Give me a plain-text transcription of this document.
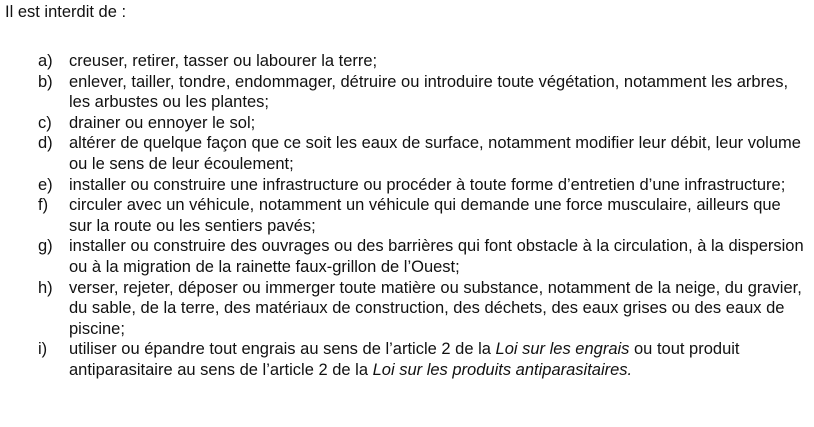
Il est interdit de :
a) creuser, retirer, tasser ou labourer la terre;
b) enlever, tailler, tondre, endommager, détruire ou introduire toute végétation, notamment les arbres, les arbustes ou les plantes;
c) drainer ou ennoyer le sol;
d) altérer de quelque façon que ce soit les eaux de surface, notamment modifier leur débit, leur volume ou le sens de leur écoulement;
e) installer ou construire une infrastructure ou procéder à toute forme d’entretien d’une infrastructure;
f) circuler avec un véhicule, notamment un véhicule qui demande une force musculaire, ailleurs que sur la route ou les sentiers pavés;
g) installer ou construire des ouvrages ou des barrières qui font obstacle à la circulation, à la dispersion ou à la migration de la rainette faux-grillon de l’Ouest;
h) verser, rejeter, déposer ou immerger toute matière ou substance, notamment de la neige, du gravier, du sable, de la terre, des matériaux de construction, des déchets, des eaux grises ou des eaux de piscine;
i) utiliser ou épandre tout engrais au sens de l’article 2 de la Loi sur les engrais ou tout produit antiparasitaire au sens de l’article 2 de la Loi sur les produits antiparasitaires.
